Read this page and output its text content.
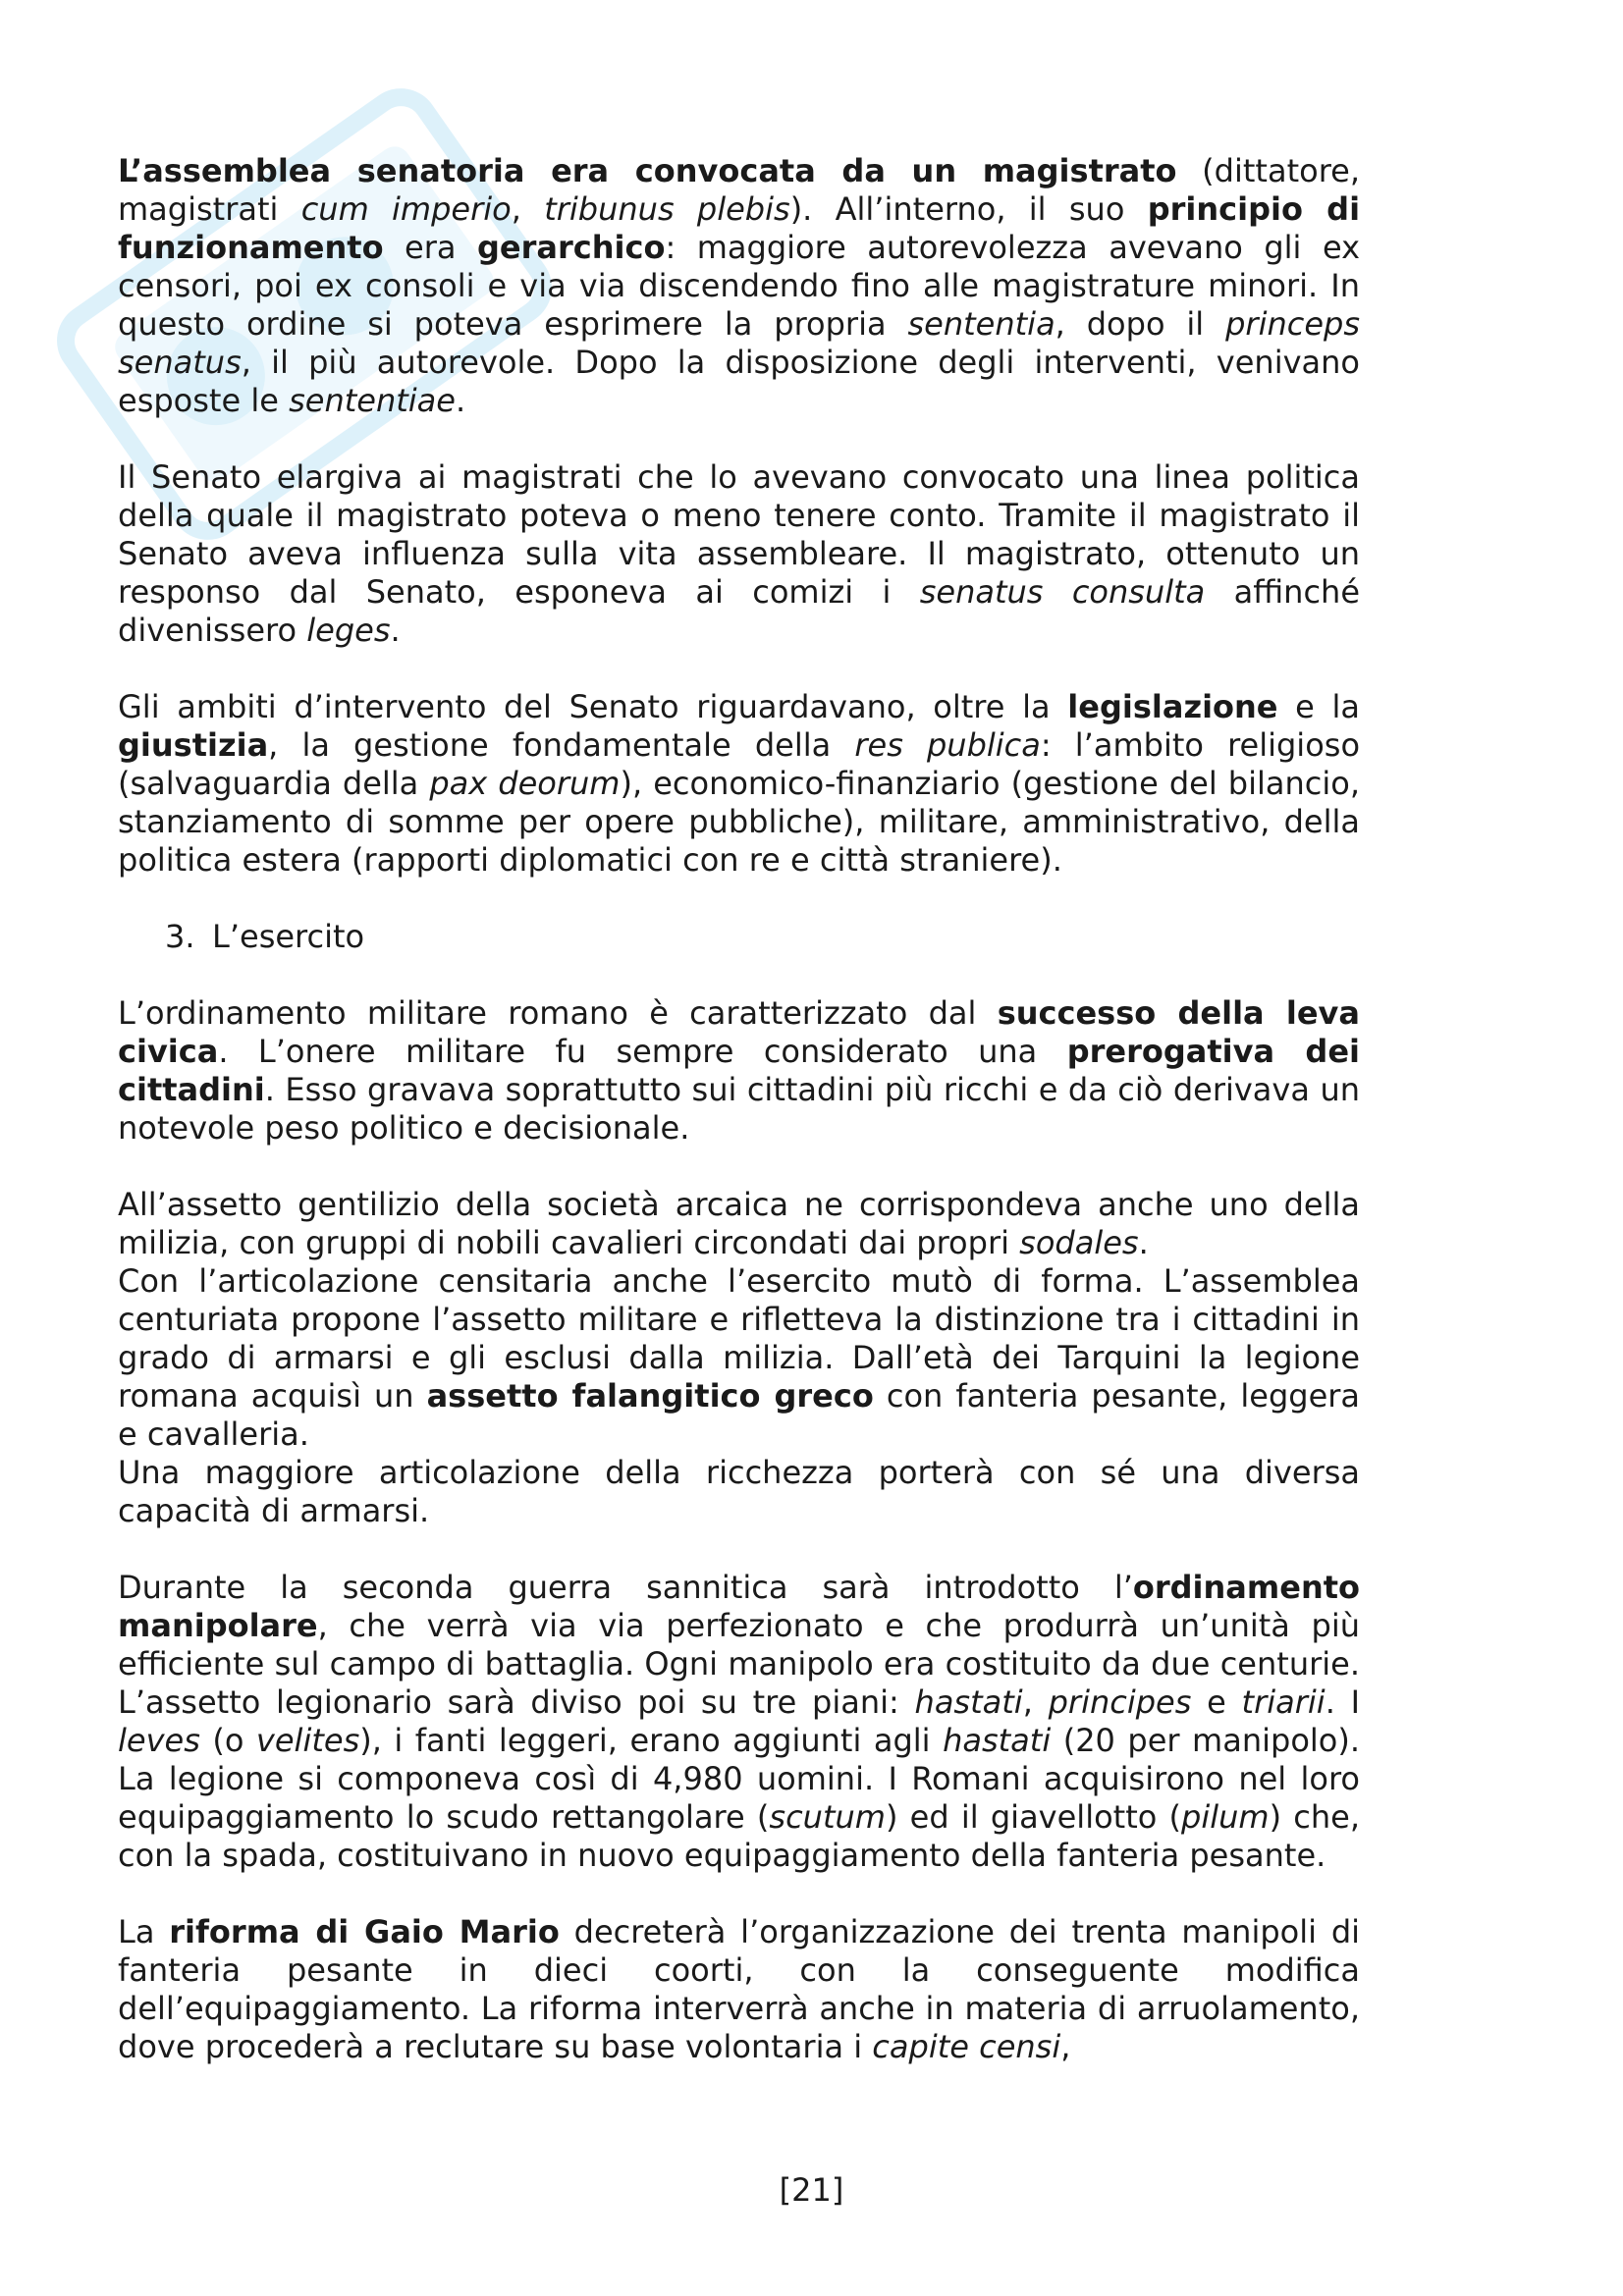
L’assemblea senatoria era convocata da un magistrato (dittatore, magistrati cum imperio, tribunus plebis). All’interno, il suo principio di funzionamento era gerarchico: maggiore autorevolezza avevano gli ex censori, poi ex consoli e via via discendendo fino alle magistrature minori. In questo ordine si poteva esprimere la propria sententia, dopo il princeps senatus, il più autorevole. Dopo la disposizione degli interventi, venivano esposte le sententiae.

Il Senato elargiva ai magistrati che lo avevano convocato una linea politica della quale il magistrato poteva o meno tenere conto. Tramite il magistrato il Senato aveva influenza sulla vita assembleare. Il magistrato, ottenuto un responso dal Senato, esponeva ai comizi i senatus consulta affinché divenissero leges.

Gli ambiti d’intervento del Senato riguardavano, oltre la legislazione e la giustizia, la gestione fondamentale della res publica: l’ambito religioso (salvaguardia della pax deorum), economico-finanziario (gestione del bilancio, stanziamento di somme per opere pubbliche), militare, amministrativo, della politica estera (rapporti diplomatici con re e città straniere).

3. L’esercito

L’ordinamento militare romano è caratterizzato dal successo della leva civica. L’onere militare fu sempre considerato una prerogativa dei cittadini. Esso gravava soprattutto sui cittadini più ricchi e da ciò derivava un notevole peso politico e decisionale.

All’assetto gentilizio della società arcaica ne corrispondeva anche uno della milizia, con gruppi di nobili cavalieri circondati dai propri sodales.

Con l’articolazione censitaria anche l’esercito mutò di forma. L’assemblea centuriata propone l’assetto militare e rifletteva la distinzione tra i cittadini in grado di armarsi e gli esclusi dalla milizia. Dall’età dei Tarquini la legione romana acquisì un assetto falangitico greco con fanteria pesante, leggera e cavalleria.

Una maggiore articolazione della ricchezza porterà con sé una diversa capacità di armarsi.

Durante la seconda guerra sannitica sarà introdotto l’ordinamento manipolare, che verrà via via perfezionato e che produrrà un’unità più efficiente sul campo di battaglia. Ogni manipolo era costituito da due centurie. L’assetto legionario sarà diviso poi su tre piani: hastati, principes e triarii. I leves (o velites), i fanti leggeri, erano aggiunti agli hastati (20 per manipolo). La legione si componeva così di 4,980 uomini. I Romani acquisirono nel loro equipaggiamento lo scudo rettangolare (scutum) ed il giavellotto (pilum) che, con la spada, costituivano in nuovo equipaggiamento della fanteria pesante.

La riforma di Gaio Mario decreterà l’organizzazione dei trenta manipoli di fanteria pesante in dieci coorti, con la conseguente modifica dell’equipaggiamento. La riforma interverrà anche in materia di arruolamento, dove procederà a reclutare su base volontaria i capite censi,

[21]
